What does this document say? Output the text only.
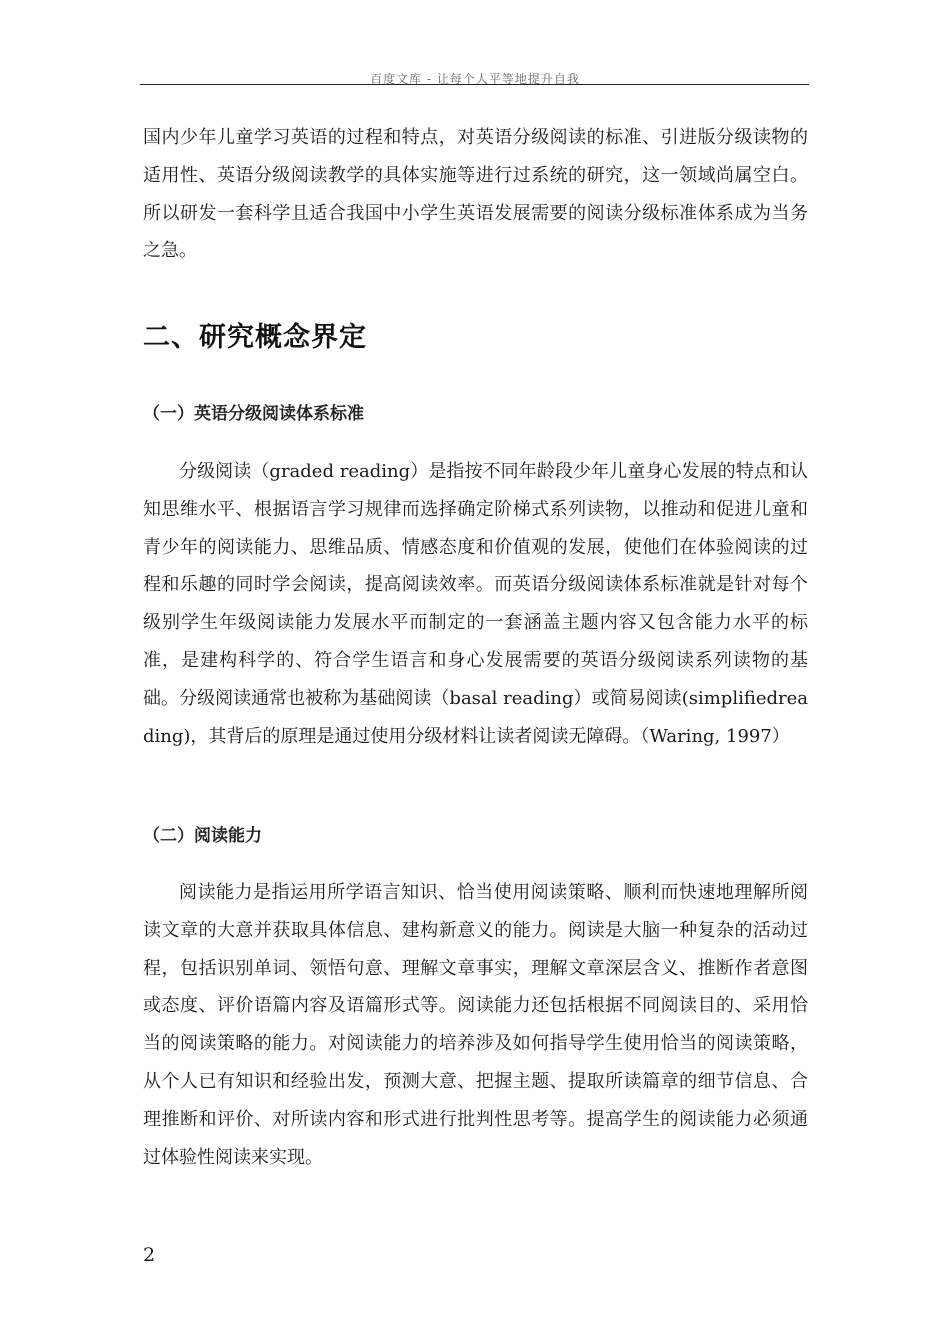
百度文库 - 让每个人平等地提升自我

国内少年儿童学习英语的过程和特点，对英语分级阅读的标准、引进版分级读物的适用性、英语分级阅读教学的具体实施等进行过系统的研究，这一领域尚属空白。所以研发一套科学且适合我国中小学生英语发展需要的阅读分级标准体系成为当务之急。

二、研究概念界定
（一）英语分级阅读体系标准

分级阅读（graded reading）是指按不同年龄段少年儿童身心发展的特点和认知思维水平、根据语言学习规律而选择确定阶梯式系列读物，以推动和促进儿童和青少年的阅读能力、思维品质、情感态度和价值观的发展，使他们在体验阅读的过程和乐趣的同时学会阅读，提高阅读效率。而英语分级阅读体系标准就是针对每个级别学生年级阅读能力发展水平而制定的一套涵盖主题内容又包含能力水平的标准，是建构科学的、符合学生语言和身心发展需要的英语分级阅读系列读物的基础。分级阅读通常也被称为基础阅读（basal reading）或简易阅读(simplifiedreading)，其背后的原理是通过使用分级材料让读者阅读无障碍。（Waring, 1997）

（二）阅读能力

阅读能力是指运用所学语言知识、恰当使用阅读策略、顺利而快速地理解所阅读文章的大意并获取具体信息、建构新意义的能力。阅读是大脑一种复杂的活动过程，包括识别单词、领悟句意、理解文章事实，理解文章深层含义、推断作者意图或态度、评价语篇内容及语篇形式等。阅读能力还包括根据不同阅读目的、采用恰当的阅读策略的能力。对阅读能力的培养涉及如何指导学生使用恰当的阅读策略，从个人已有知识和经验出发，预测大意、把握主题、提取所读篇章的细节信息、合理推断和评价、对所读内容和形式进行批判性思考等。提高学生的阅读能力必须通过体验性阅读来实现。

2
